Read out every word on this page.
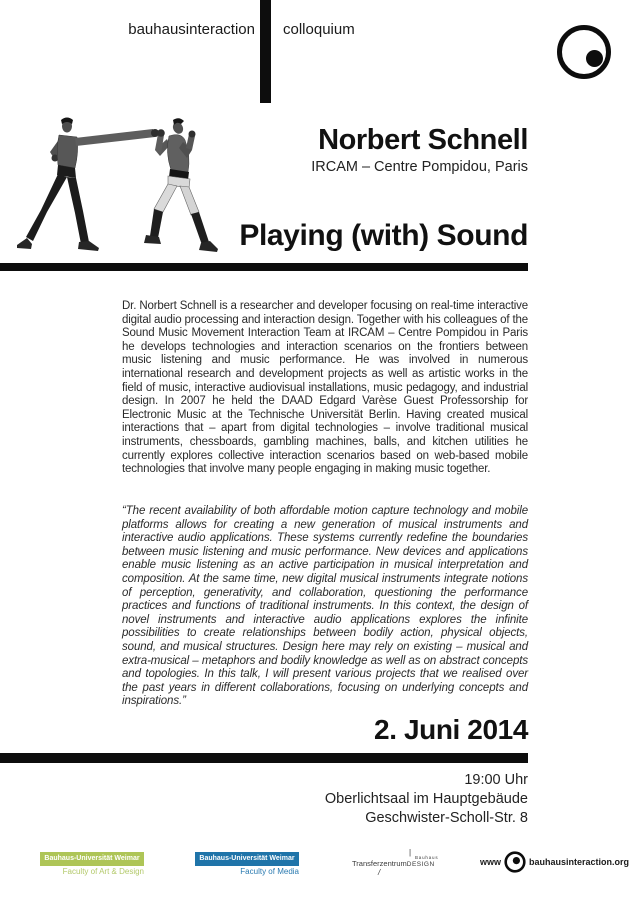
bauhausinteraction colloquium
Norbert Schnell
IRCAM – Centre Pompidou, Paris
Playing (with) Sound

Dr. Norbert Schnell is a researcher and developer focusing on real-time interactive digital audio processing and interaction design. Together with his colleagues of the Sound Music Movement Interaction Team at IRCAM – Centre Pompidou in Paris he develops technologies and interaction scenarios on the frontiers between music listening and music performance. He was involved in numerous international research and development projects as well as artistic works in the field of music, interactive audiovisual installations, music pedagogy, and industrial design. In 2007 he held the DAAD Edgard Varèse Guest Professorship for Electronic Music at the Technische Universität Berlin. Having created musical interactions that – apart from digital technologies – involve traditional musical instruments, chessboards, gambling machines, balls, and kitchen utilities he currently explores collective interaction scenarios based on web-based mobile technologies that involve many people engaging in making music together.

“The recent availability of both affordable motion capture technology and mobile platforms allows for creating a new generation of musical instruments and interactive audio applications. These systems currently redefine the boundaries between music listening and music performance. New devices and applications enable music listening as an active participation in musical interpretation and composition. At the same time, new digital musical instruments integrate notions of perception, generativity, and collaboration, questioning the performance practices and functions of traditional instruments. In this context, the design of novel instruments and interactive audio applications explores the infinite possibilities to create relationships between bodily action, physical objects, sound, and musical structures. Design here may rely on existing – musical and extra-musical – metaphors and bodily knowledge as well as on abstract concepts and topologies. In this talk, I will present various projects that we realised over the past years in different collaborations, focusing on underlying concepts and inspirations.”

2. Juni 2014
19:00 Uhr
Oberlichtsaal im Hauptgebäude
Geschwister-Scholl-Str. 8
Bauhaus-Universität Weimar
Faculty of Art & Design
Bauhaus-Universität Weimar
Faculty of Media
|
Bauhaus
TransferzentrumDESIGN
/
www	bauhausinteraction.org
